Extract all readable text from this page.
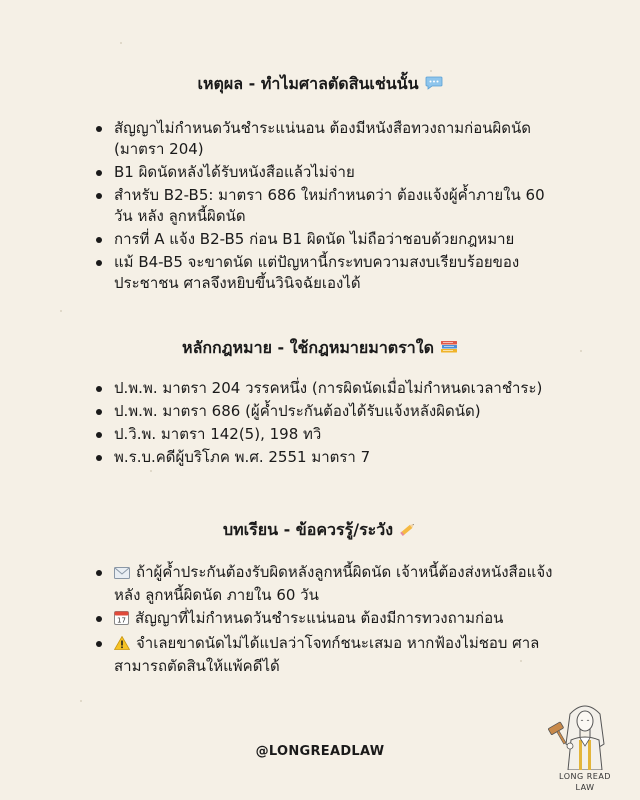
เหตุผล - ทำไมศาลตัดสินเช่นนั้น
สัญญาไม่กำหนดวันชำระแน่นอน ต้องมีหนังสือทวงถามก่อนผิดนัด (มาตรา 204)
B1 ผิดนัดหลังได้รับหนังสือแล้วไม่จ่าย
สำหรับ B2-B5: มาตรา 686 ใหม่กำหนดว่า ต้องแจ้งผู้ค้ำภายใน 60 วัน หลัง ลูกหนี้ผิดนัด
การที่ A แจ้ง B2-B5 ก่อน B1 ผิดนัด ไม่ถือว่าชอบด้วยกฎหมาย
แม้ B4-B5 จะขาดนัด แต่ปัญหานี้กระทบความสงบเรียบร้อยของประชาชน ศาลจึงหยิบขึ้นวินิจฉัยเองได้
หลักกฎหมาย - ใช้กฎหมายมาตราใด
ป.พ.พ. มาตรา 204 วรรคหนึ่ง (การผิดนัดเมื่อไม่กำหนดเวลาชำระ)
ป.พ.พ. มาตรา 686 (ผู้ค้ำประกันต้องได้รับแจ้งหลังผิดนัด)
ป.วิ.พ. มาตรา 142(5), 198 ทวิ
พ.ร.บ.คดีผู้บริโภค พ.ศ. 2551 มาตรา 7
บทเรียน - ข้อควรรู้/ระวัง
ถ้าผู้ค้ำประกันต้องรับผิดหลังลูกหนี้ผิดนัด เจ้าหนี้ต้องส่งหนังสือแจ้ง หลัง ลูกหนี้ผิดนัด ภายใน 60 วัน
17 สัญญาที่ไม่กำหนดวันชำระแน่นอน ต้องมีการทวงถามก่อน
จำเลยขาดนัดไม่ได้แปลว่าโจทก์ชนะเสมอ หากฟ้องไม่ชอบ ศาลสามารถตัดสินให้แพ้คดีได้
@LONGREADLAW
LONG READ
LAW
